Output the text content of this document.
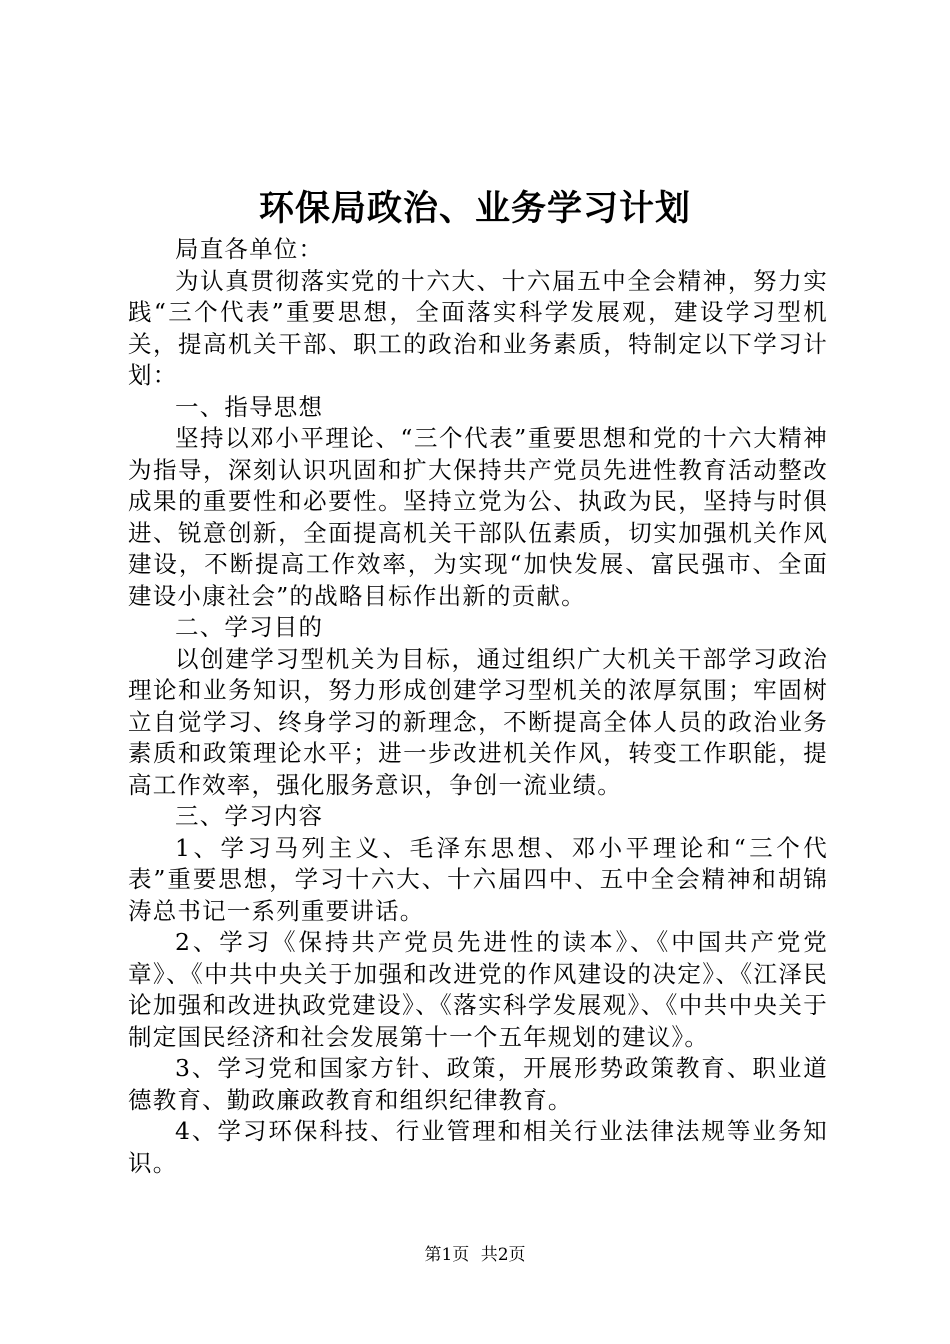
环保局政治、业务学习计划

局直各单位：

为认真贯彻落实党的十六大、十六届五中全会精神，努力实践“三个代表”重要思想，全面落实科学发展观，建设学习型机关，提高机关干部、职工的政治和业务素质，特制定以下学习计划：

一、指导思想

坚持以邓小平理论、“三个代表”重要思想和党的十六大精神为指导，深刻认识巩固和扩大保持共产党员先进性教育活动整改成果的重要性和必要性。坚持立党为公、执政为民，坚持与时俱进、锐意创新，全面提高机关干部队伍素质，切实加强机关作风建设，不断提高工作效率，为实现“加快发展、富民强市、全面建设小康社会”的战略目标作出新的贡献。

二、学习目的

以创建学习型机关为目标，通过组织广大机关干部学习政治理论和业务知识，努力形成创建学习型机关的浓厚氛围；牢固树立自觉学习、终身学习的新理念，不断提高全体人员的政治业务素质和政策理论水平；进一步改进机关作风，转变工作职能，提高工作效率，强化服务意识，争创一流业绩。

三、学习内容

1、学习马列主义、毛泽东思想、邓小平理论和“三个代表”重要思想，学习十六大、十六届四中、五中全会精神和胡锦涛总书记一系列重要讲话。

2、学习《保持共产党员先进性的读本》、《中国共产党党章》、《中共中央关于加强和改进党的作风建设的决定》、《江泽民论加强和改进执政党建设》、《落实科学发展观》、《中共中央关于制定国民经济和社会发展第十一个五年规划的建议》。

3、学习党和国家方针、政策，开展形势政策教育、职业道德教育、勤政廉政教育和组织纪律教育。

4、学习环保科技、行业管理和相关行业法律法规等业务知识。

第1页 共2页
